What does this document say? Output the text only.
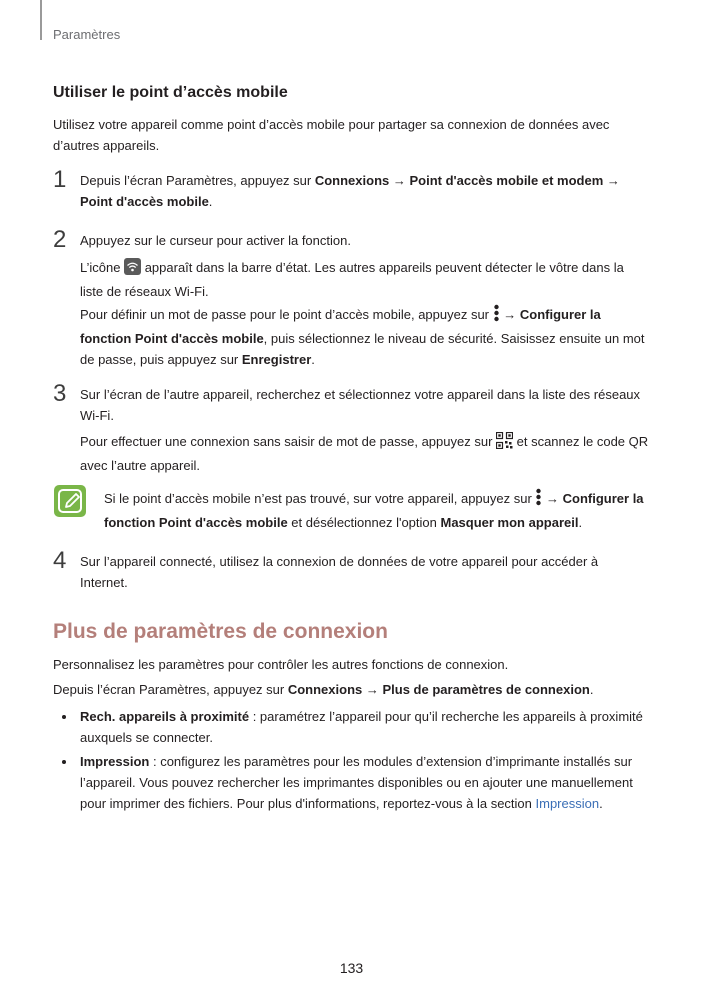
Paramètres
Utiliser le point d’accès mobile
Utilisez votre appareil comme point d’accès mobile pour partager sa connexion de données avec
d’autres appareils.
1 Depuis l’écran Paramètres, appuyez sur Connexions → Point d'accès mobile et modem →
Point d'accès mobile.
2 Appuyez sur le curseur pour activer la fonction.
L’icône  apparaît dans la barre d’état. Les autres appareils peuvent détecter le vôtre dans la
liste de réseaux Wi-Fi.
Pour définir un mot de passe pour le point d’accès mobile, appuyez sur  → Configurer la
fonction Point d'accès mobile, puis sélectionnez le niveau de sécurité. Saisissez ensuite un mot
de passe, puis appuyez sur Enregistrer.
3 Sur l’écran de l’autre appareil, recherchez et sélectionnez votre appareil dans la liste des réseaux
Wi-Fi.
Pour effectuer une connexion sans saisir de mot de passe, appuyez sur  et scannez le code QR
avec l’autre appareil.
Si le point d’accès mobile n’est pas trouvé, sur votre appareil, appuyez sur  → Configurer la
fonction Point d'accès mobile et désélectionnez l'option Masquer mon appareil.
4 Sur l’appareil connecté, utilisez la connexion de données de votre appareil pour accéder à
Internet.
Plus de paramètres de connexion
Personnalisez les paramètres pour contrôler les autres fonctions de connexion.
Depuis l’écran Paramètres, appuyez sur Connexions → Plus de paramètres de connexion.
Rech. appareils à proximité : paramétrez l’appareil pour qu’il recherche les appareils à proximité
auxquels se connecter.
Impression : configurez les paramètres pour les modules d’extension d’imprimante installés sur
l’appareil. Vous pouvez rechercher les imprimantes disponibles ou en ajouter une manuellement
pour imprimer des fichiers. Pour plus d'informations, reportez-vous à la section Impression.
133
